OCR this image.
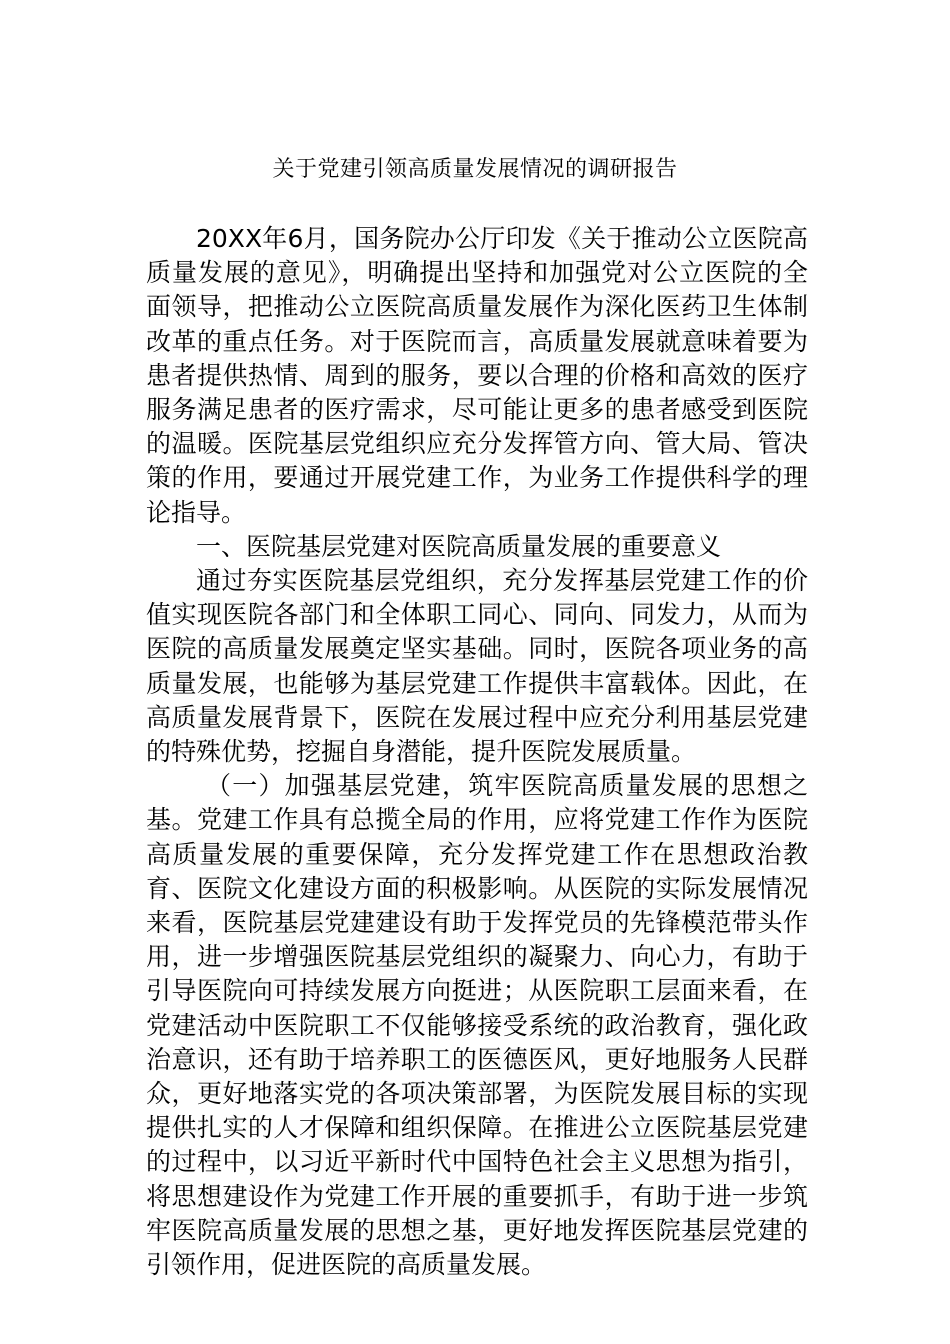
关于党建引领高质量发展情况的调研报告

20XX年6月，国务院办公厅印发《关于推动公立医院高质量发展的意见》，明确提出坚持和加强党对公立医院的全面领导，把推动公立医院高质量发展作为深化医药卫生体制改革的重点任务。对于医院而言，高质量发展就意味着要为患者提供热情、周到的服务，要以合理的价格和高效的医疗服务满足患者的医疗需求，尽可能让更多的患者感受到医院的温暖。医院基层党组织应充分发挥管方向、管大局、管决策的作用，要通过开展党建工作，为业务工作提供科学的理论指导。

一、医院基层党建对医院高质量发展的重要意义

通过夯实医院基层党组织，充分发挥基层党建工作的价值实现医院各部门和全体职工同心、同向、同发力，从而为医院的高质量发展奠定坚实基础。同时，医院各项业务的高质量发展，也能够为基层党建工作提供丰富载体。因此，在高质量发展背景下，医院在发展过程中应充分利用基层党建的特殊优势，挖掘自身潜能，提升医院发展质量。

（一）加强基层党建，筑牢医院高质量发展的思想之基。党建工作具有总揽全局的作用，应将党建工作作为医院高质量发展的重要保障，充分发挥党建工作在思想政治教育、医院文化建设方面的积极影响。从医院的实际发展情况来看，医院基层党建建设有助于发挥党员的先锋模范带头作用，进一步增强医院基层党组织的凝聚力、向心力，有助于引导医院向可持续发展方向挺进；从医院职工层面来看，在党建活动中医院职工不仅能够接受系统的政治教育，强化政治意识，还有助于培养职工的医德医风，更好地服务人民群众，更好地落实党的各项决策部署，为医院发展目标的实现提供扎实的人才保障和组织保障。在推进公立医院基层党建的过程中，以习近平新时代中国特色社会主义思想为指引，将思想建设作为党建工作开展的重要抓手，有助于进一步筑牢医院高质量发展的思想之基，更好地发挥医院基层党建的引领作用，促进医院的高质量发展。
